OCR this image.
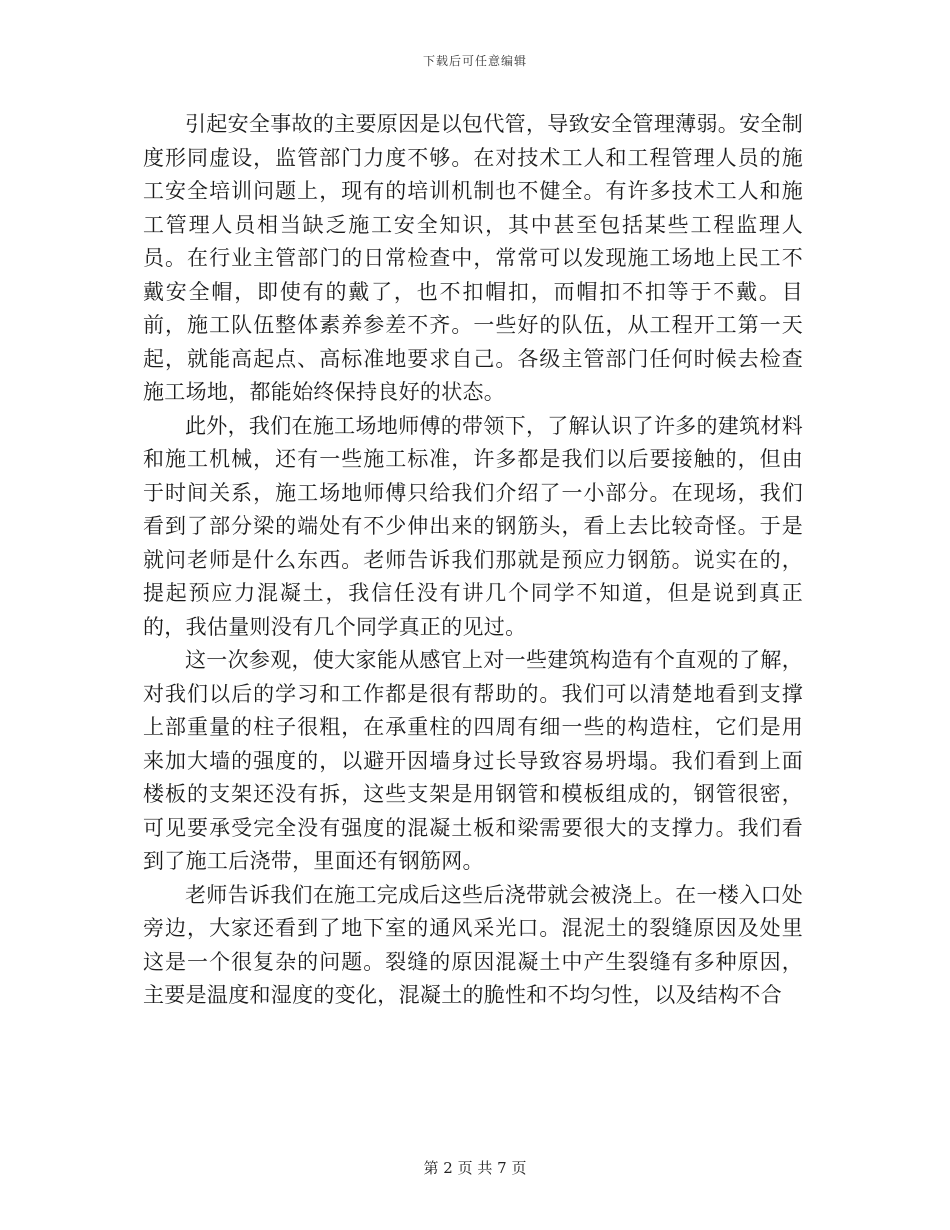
下载后可任意编辑

引起安全事故的主要原因是以包代管，导致安全管理薄弱。安全制度形同虚设，监管部门力度不够。在对技术工人和工程管理人员的施工安全培训问题上，现有的培训机制也不健全。有许多技术工人和施工管理人员相当缺乏施工安全知识，其中甚至包括某些工程监理人员。在行业主管部门的日常检查中，常常可以发现施工场地上民工不戴安全帽，即使有的戴了，也不扣帽扣，而帽扣不扣等于不戴。目前，施工队伍整体素养参差不齐。一些好的队伍，从工程开工第一天起，就能高起点、高标准地要求自己。各级主管部门任何时候去检查施工场地，都能始终保持良好的状态。

此外，我们在施工场地师傅的带领下，了解认识了许多的建筑材料和施工机械，还有一些施工标准，许多都是我们以后要接触的，但由于时间关系，施工场地师傅只给我们介绍了一小部分。在现场，我们看到了部分梁的端处有不少伸出来的钢筋头，看上去比较奇怪。于是就问老师是什么东西。老师告诉我们那就是预应力钢筋。说实在的，提起预应力混凝土，我信任没有讲几个同学不知道，但是说到真正的，我估量则没有几个同学真正的见过。

这一次参观，使大家能从感官上对一些建筑构造有个直观的了解，对我们以后的学习和工作都是很有帮助的。我们可以清楚地看到支撑上部重量的柱子很粗，在承重柱的四周有细一些的构造柱，它们是用来加大墙的强度的，以避开因墙身过长导致容易坍塌。我们看到上面楼板的支架还没有拆，这些支架是用钢管和模板组成的，钢管很密，可见要承受完全没有强度的混凝土板和梁需要很大的支撑力。我们看到了施工后浇带，里面还有钢筋网。

老师告诉我们在施工完成后这些后浇带就会被浇上。在一楼入口处旁边，大家还看到了地下室的通风采光口。混泥土的裂缝原因及处里这是一个很复杂的问题。裂缝的原因混凝土中产生裂缝有多种原因，主要是温度和湿度的变化，混凝土的脆性和不均匀性，以及结构不合

第 2 页 共 7 页
